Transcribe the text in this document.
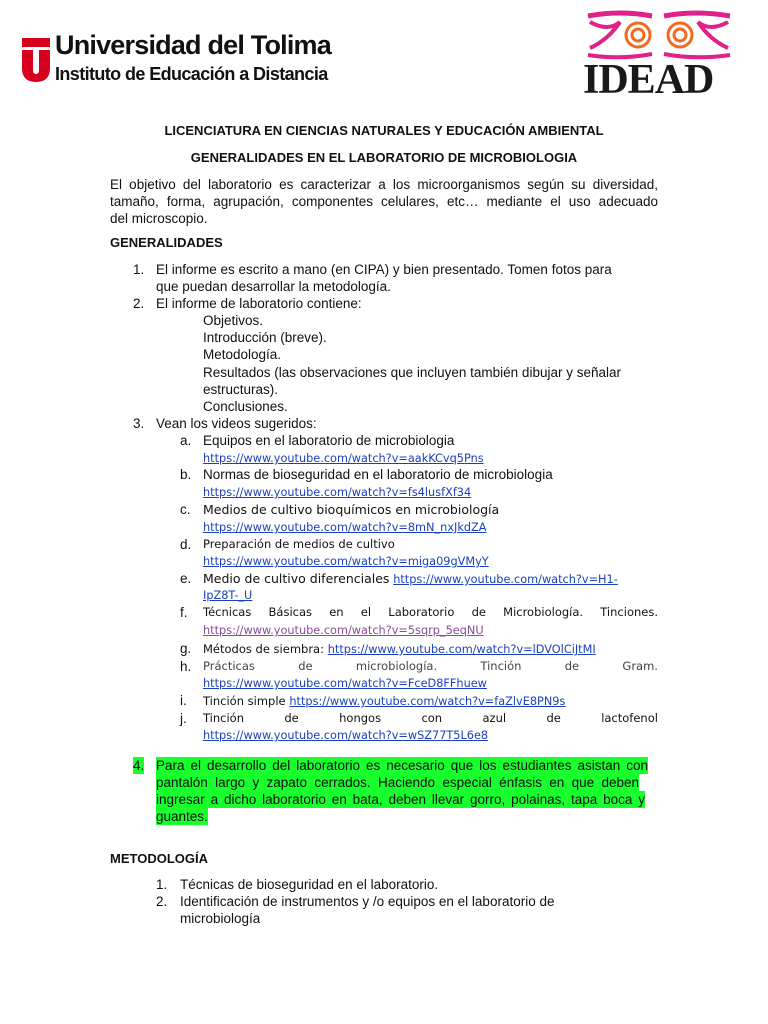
Universidad del Tolima
Instituto de Educación a Distancia	IDEAD
LICENCIATURA EN CIENCIAS NATURALES Y EDUCACIÓN AMBIENTAL
GENERALIDADES EN EL LABORATORIO DE MICROBIOLOGIA
El objetivo del laboratorio es caracterizar a los microorganismos según su diversidad,
tamaño, forma, agrupación, componentes celulares, etc… mediante el uso adecuado
del microscopio.
GENERALIDADES
1. El informe es escrito a mano (en CIPA) y bien presentado. Tomen fotos para
que puedan desarrollar la metodología.
2. El informe de laboratorio contiene:
Objetivos.
Introducción (breve).
Metodología.
Resultados (las observaciones que incluyen también dibujar y señalar
estructuras).
Conclusiones.
3. Vean los videos sugeridos:
a. Equipos en el laboratorio de microbiologia
https://www.youtube.com/watch?v=aakKCvq5Pns
b. Normas de bioseguridad en el laboratorio de microbiologia
https://www.youtube.com/watch?v=fs4lusfXf34
c. Medios de cultivo bioquímicos en microbiología
https://www.youtube.com/watch?v=8mN_nxJkdZA
d. Preparación de medios de cultivo
https://www.youtube.com/watch?v=miga09gVMyY
e. Medio de cultivo diferenciales https://www.youtube.com/watch?v=H1-
IpZ8T-_U
f. Técnicas Básicas en el Laboratorio de Microbiología. Tinciones.
https://www.youtube.com/watch?v=5sqrp_5eqNU
g. Métodos de siembra: https://www.youtube.com/watch?v=lDVOlCiJtMI
h. Prácticas	de	microbiología.	Tinción	de	Gram.
https://www.youtube.com/watch?v=FceD8FFhuew
i. Tinción simple https://www.youtube.com/watch?v=faZlvE8PN9s
j. Tinción	de	hongos	con	azul	de	lactofenol
https://www.youtube.com/watch?v=wSZ77T5L6e8
4. Para el desarrollo del laboratorio es necesario que los estudiantes asistan con
pantalón largo y zapato cerrados. Haciendo especial énfasis en que deben
ingresar a dicho laboratorio en bata, deben llevar gorro, polainas, tapa boca y
guantes.
METODOLOGÍA
1. Técnicas de bioseguridad en el laboratorio.
2. Identificación de instrumentos y /o equipos en el laboratorio de
microbiología
